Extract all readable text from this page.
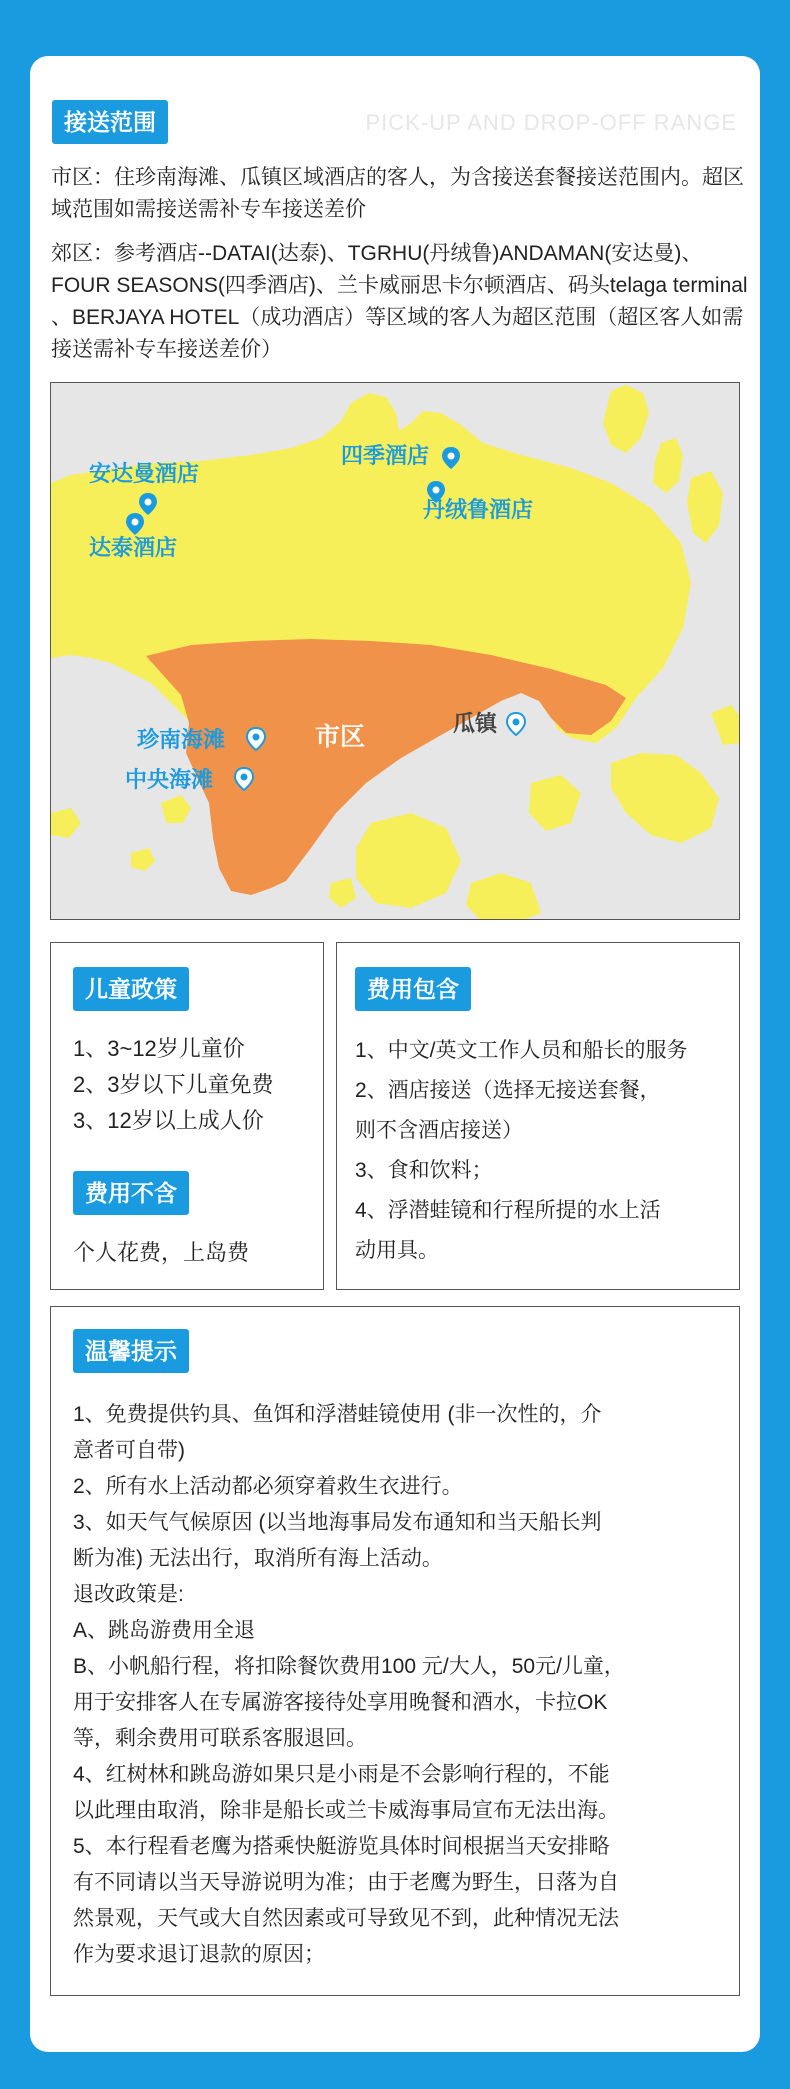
接送范围	PICK-UP AND DROP-OFF RANGE

市区：住珍南海滩、瓜镇区域酒店的客人，为含接送套餐接送范围内。超区域范围如需接送需补专车接送差价

郊区：参考酒店--DATAI(达泰)、TGRHU(丹绒鲁)ANDAMAN(安达曼)、FOUR SEASONS(四季酒店)、兰卡威丽思卡尔顿酒店、码头telaga terminal 、BERJAYA HOTEL（成功酒店）等区域的客人为超区范围（超区客人如需接送需补专车接送差价）

安达曼酒店
达泰酒店
四季酒店
丹绒鲁酒店
珍南海滩
中央海滩
市区	瓜镇
儿童政策

1、3~12岁儿童价

2、3岁以下儿童免费

3、12岁以上成人价

费用不含

个人花费，上岛费

费用包含

1、中文/英文工作人员和船长的服务

2、酒店接送（选择无接送套餐，

则不含酒店接送）

3、食和饮料；

4、浮潜蛙镜和行程所提的水上活

动用具。

温馨提示

1、免费提供钓具、鱼饵和浮潜蛙镜使用 (非一次性的，介

意者可自带)

2、所有水上活动都必须穿着救生衣进行。

3、如天气气候原因 (以当地海事局发布通知和当天船长判

断为准) 无法出行，取消所有海上活动。

退改政策是:

A、跳岛游费用全退

B、小帆船行程，将扣除餐饮费用100 元/大人，50元/儿童，

用于安排客人在专属游客接待处享用晚餐和酒水，卡拉OK

等，剩余费用可联系客服退回。

4、红树林和跳岛游如果只是小雨是不会影响行程的，不能

以此理由取消，除非是船长或兰卡威海事局宣布无法出海。

5、本行程看老鹰为搭乘快艇游览具体时间根据当天安排略

有不同请以当天导游说明为准；由于老鹰为野生，日落为自

然景观，天气或大自然因素或可导致见不到，此种情况无法

作为要求退订退款的原因；
